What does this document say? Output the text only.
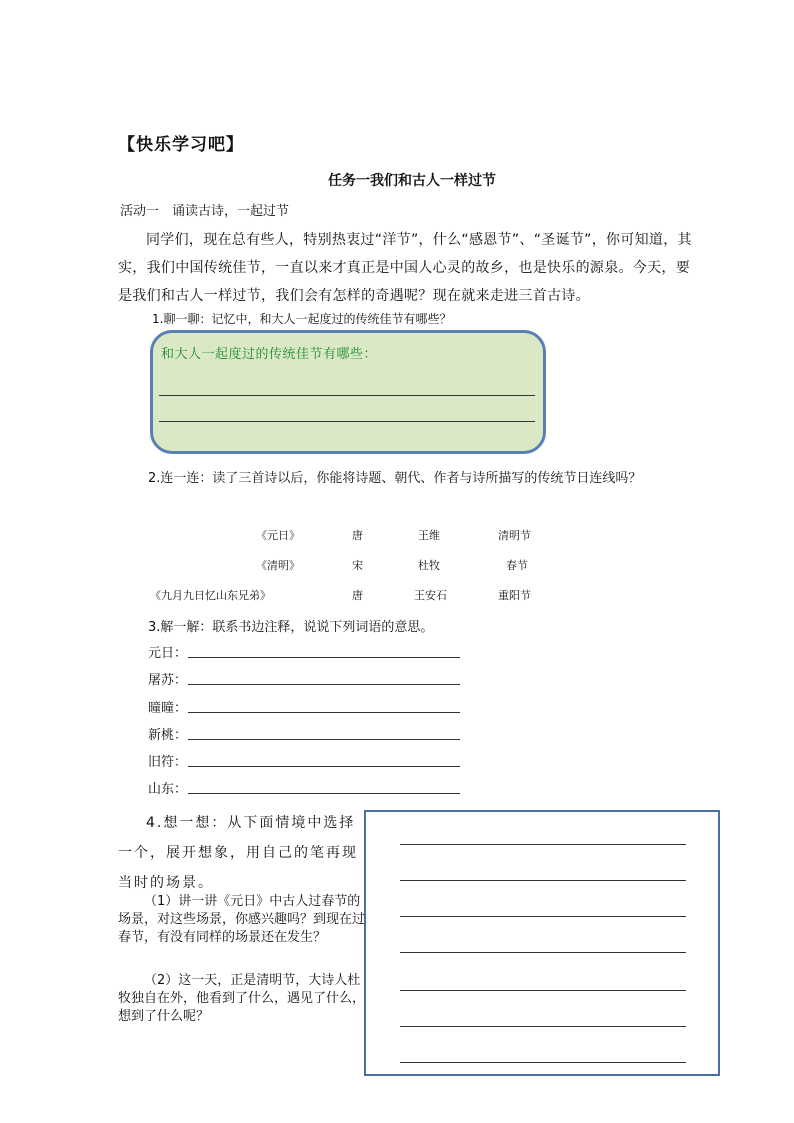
【快乐学习吧】
任务一我们和古人一样过节
活动一　诵读古诗，一起过节
同学们，现在总有些人，特别热衷过“洋节”，什么“感恩节”、“圣诞节”，你可知道，其实，我们中国传统佳节，一直以来才真正是中国人心灵的故乡，也是快乐的源泉。今天，要是我们和古人一样过节，我们会有怎样的奇遇呢？现在就来走进三首古诗。
1.聊一聊：记忆中，和大人一起度过的传统佳节有哪些？
和大人一起度过的传统佳节有哪些：
2.连一连：读了三首诗以后，你能将诗题、朝代、作者与诗所描写的传统节日连线吗？
《元日》
《清明》
《九月九日忆山东兄弟》
唐
宋
唐
王维
杜牧
王安石
清明节
春节
重阳节
3.解一解：联系书边注释，说说下列词语的意思。
元日：
屠苏：
曈曈：
新桃：
旧符：
山东：
4.想一想：从下面情境中选择一个，展开想象，用自己的笔再现当时的场景。
（1）讲一讲《元日》中古人过春节的场景，对这些场景，你感兴趣吗？到现在过春节，有没有同样的场景还在发生？
（2）这一天，正是清明节，大诗人杜牧独自在外，他看到了什么，遇见了什么，想到了什么呢？
